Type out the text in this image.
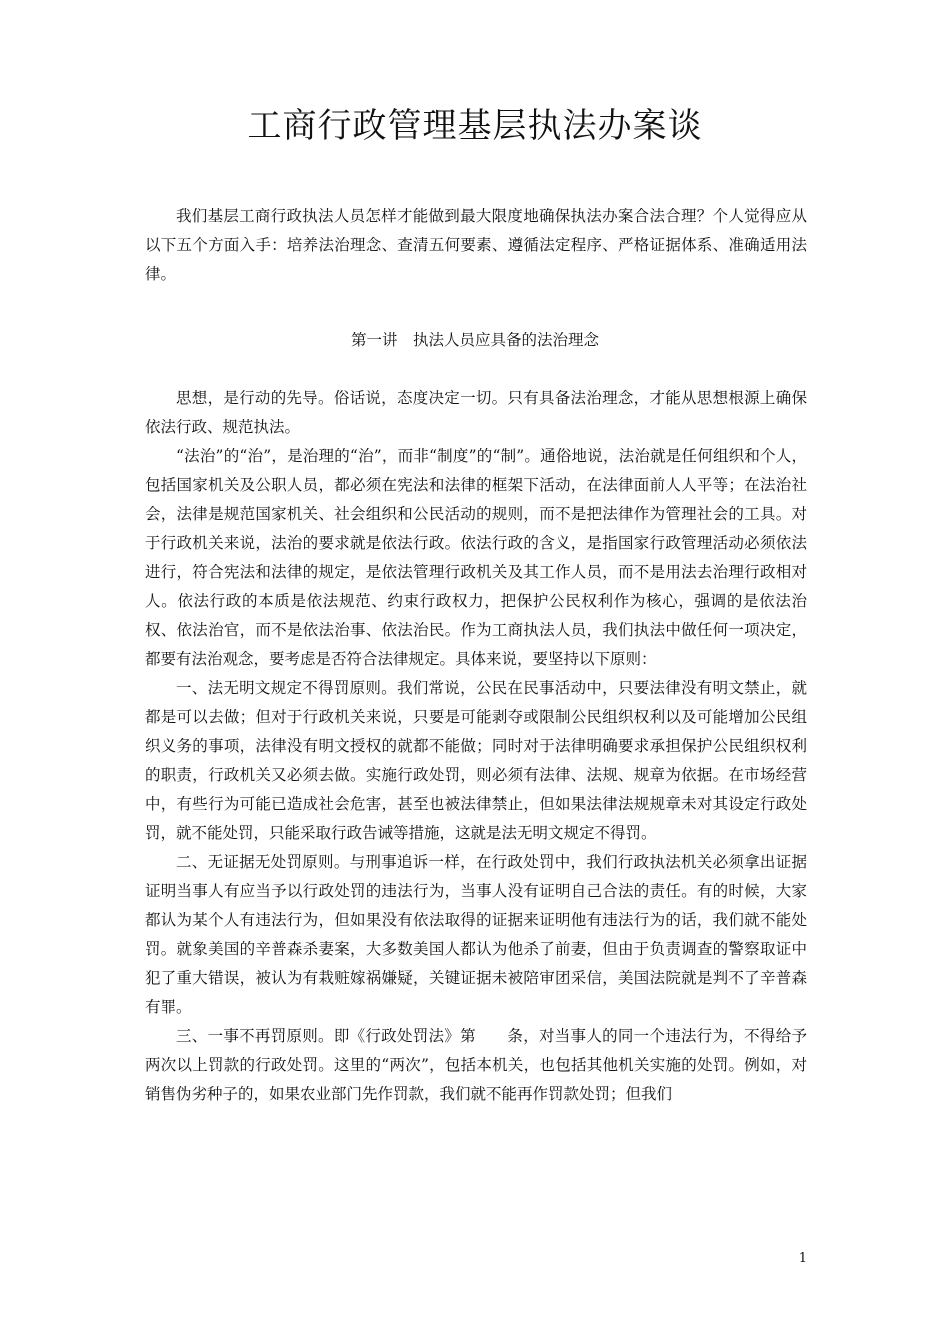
工商行政管理基层执法办案谈

我们基层工商行政执法人员怎样才能做到最大限度地确保执法办案合法合理？个人觉得应从以下五个方面入手：培养法治理念、查清五何要素、遵循法定程序、严格证据体系、准确适用法律。

第一讲　执法人员应具备的法治理念

思想，是行动的先导。俗话说，态度决定一切。只有具备法治理念，才能从思想根源上确保依法行政、规范执法。

“法治”的“治”，是治理的“治”，而非“制度”的“制”。通俗地说，法治就是任何组织和个人，包括国家机关及公职人员，都必须在宪法和法律的框架下活动，在法律面前人人平等；在法治社会，法律是规范国家机关、社会组织和公民活动的规则，而不是把法律作为管理社会的工具。对于行政机关来说，法治的要求就是依法行政。依法行政的含义，是指国家行政管理活动必须依法进行，符合宪法和法律的规定，是依法管理行政机关及其工作人员，而不是用法去治理行政相对人。依法行政的本质是依法规范、约束行政权力，把保护公民权利作为核心，强调的是依法治权、依法治官，而不是依法治事、依法治民。作为工商执法人员，我们执法中做任何一项决定，都要有法治观念，要考虑是否符合法律规定。具体来说，要坚持以下原则：

一、法无明文规定不得罚原则。我们常说，公民在民事活动中，只要法律没有明文禁止，就都是可以去做；但对于行政机关来说，只要是可能剥夺或限制公民组织权利以及可能增加公民组织义务的事项，法律没有明文授权的就都不能做；同时对于法律明确要求承担保护公民组织权利的职责，行政机关又必须去做。实施行政处罚，则必须有法律、法规、规章为依据。在市场经营中，有些行为可能已造成社会危害，甚至也被法律禁止，但如果法律法规规章未对其设定行政处罚，就不能处罚，只能采取行政告诫等措施，这就是法无明文规定不得罚。

二、无证据无处罚原则。与刑事追诉一样，在行政处罚中，我们行政执法机关必须拿出证据证明当事人有应当予以行政处罚的违法行为，当事人没有证明自己合法的责任。有的时候，大家都认为某个人有违法行为，但如果没有依法取得的证据来证明他有违法行为的话，我们就不能处罚。就象美国的辛普森杀妻案，大多数美国人都认为他杀了前妻，但由于负责调查的警察取证中犯了重大错误，被认为有栽赃嫁祸嫌疑，关键证据未被陪审团采信，美国法院就是判不了辛普森有罪。

三、一事不再罚原则。即《行政处罚法》第　　条，对当事人的同一个违法行为，不得给予两次以上罚款的行政处罚。这里的“两次”，包括本机关，也包括其他机关实施的处罚。例如，对销售伪劣种子的，如果农业部门先作罚款，我们就不能再作罚款处罚；但我们

1
